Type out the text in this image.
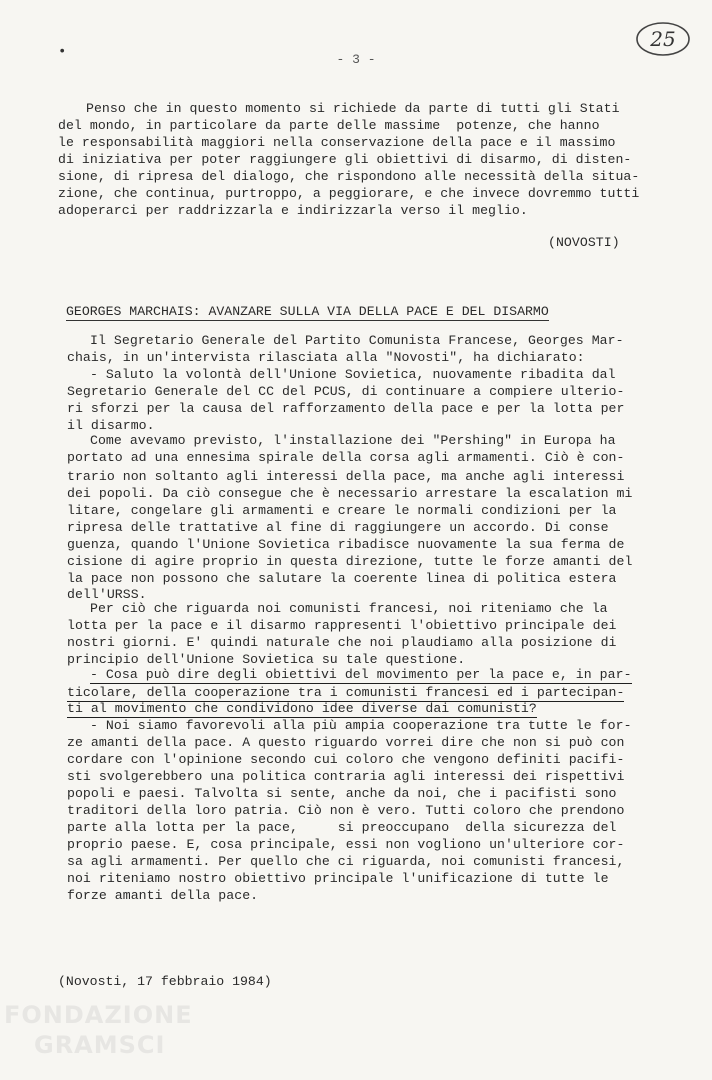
•	- 3 -
25
Penso che in questo momento si richiede da parte di tutti gli Stati
del mondo, in particolare da parte delle massime  potenze, che hanno
le responsabilità maggiori nella conservazione della pace e il massimo
di iniziativa per poter raggiungere gli obiettivi di disarmo, di disten-
sione, di ripresa del dialogo, che rispondono alle necessità della situa-
zione, che continua, purtroppo, a peggiorare, e che invece dovremmo tutti
adoperarci per raddrizzarla e indirizzarla verso il meglio.
(NOVOSTI)
GEORGES MARCHAIS: AVANZARE SULLA VIA DELLA PACE E DEL DISARMO
Il Segretario Generale del Partito Comunista Francese, Georges Mar-
chais, in un'intervista rilasciata alla "Novosti", ha dichiarato:
- Saluto la volontà dell'Unione Sovietica, nuovamente ribadita dal
Segretario Generale del CC del PCUS, di continuare a compiere ulterio-
ri sforzi per la causa del rafforzamento della pace e per la lotta per
il disarmo.
Come avevamo previsto, l'installazione dei "Pershing" in Europa ha
portato ad una ennesima spirale della corsa agli armamenti. Ciò è con-
trario non soltanto agli interessi della pace, ma anche agli interessi
dei popoli. Da ciò consegue che è necessario arrestare la escalation mi
litare, congelare gli armamenti e creare le normali condizioni per la
ripresa delle trattative al fine di raggiungere un accordo. Di conse
guenza, quando l'Unione Sovietica ribadisce nuovamente la sua ferma de
cisione di agire proprio in questa direzione, tutte le forze amanti del
la pace non possono che salutare la coerente linea di politica estera
dell'URSS.
Per ciò che riguarda noi comunisti francesi, noi riteniamo che la
lotta per la pace e il disarmo rappresenti l'obiettivo principale dei
nostri giorni. E' quindi naturale che noi plaudiamo alla posizione di
principio dell'Unione Sovietica su tale questione.
- Cosa può dire degli obiettivi del movimento per la pace e, in par-
ticolare, della cooperazione tra i comunisti francesi ed i partecipan-
ti al movimento che condividono idee diverse dai comunisti?
- Noi siamo favorevoli alla più ampia cooperazione tra tutte le for-
ze amanti della pace. A questo riguardo vorrei dire che non si può con
cordare con l'opinione secondo cui coloro che vengono definiti pacifi-
sti svolgerebbero una politica contraria agli interessi dei rispettivi
popoli e paesi. Talvolta si sente, anche da noi, che i pacifisti sono
traditori della loro patria. Ciò non è vero. Tutti coloro che prendono
parte alla lotta per la pace,     si preoccupano  della sicurezza del
proprio paese. E, cosa principale, essi non vogliono un'ulteriore cor-
sa agli armamenti. Per quello che ci riguarda, noi comunisti francesi,
noi riteniamo nostro obiettivo principale l'unificazione di tutte le
forze amanti della pace.
(Novosti, 17 febbraio 1984)
FONDAZIONE
GRAMSCI
